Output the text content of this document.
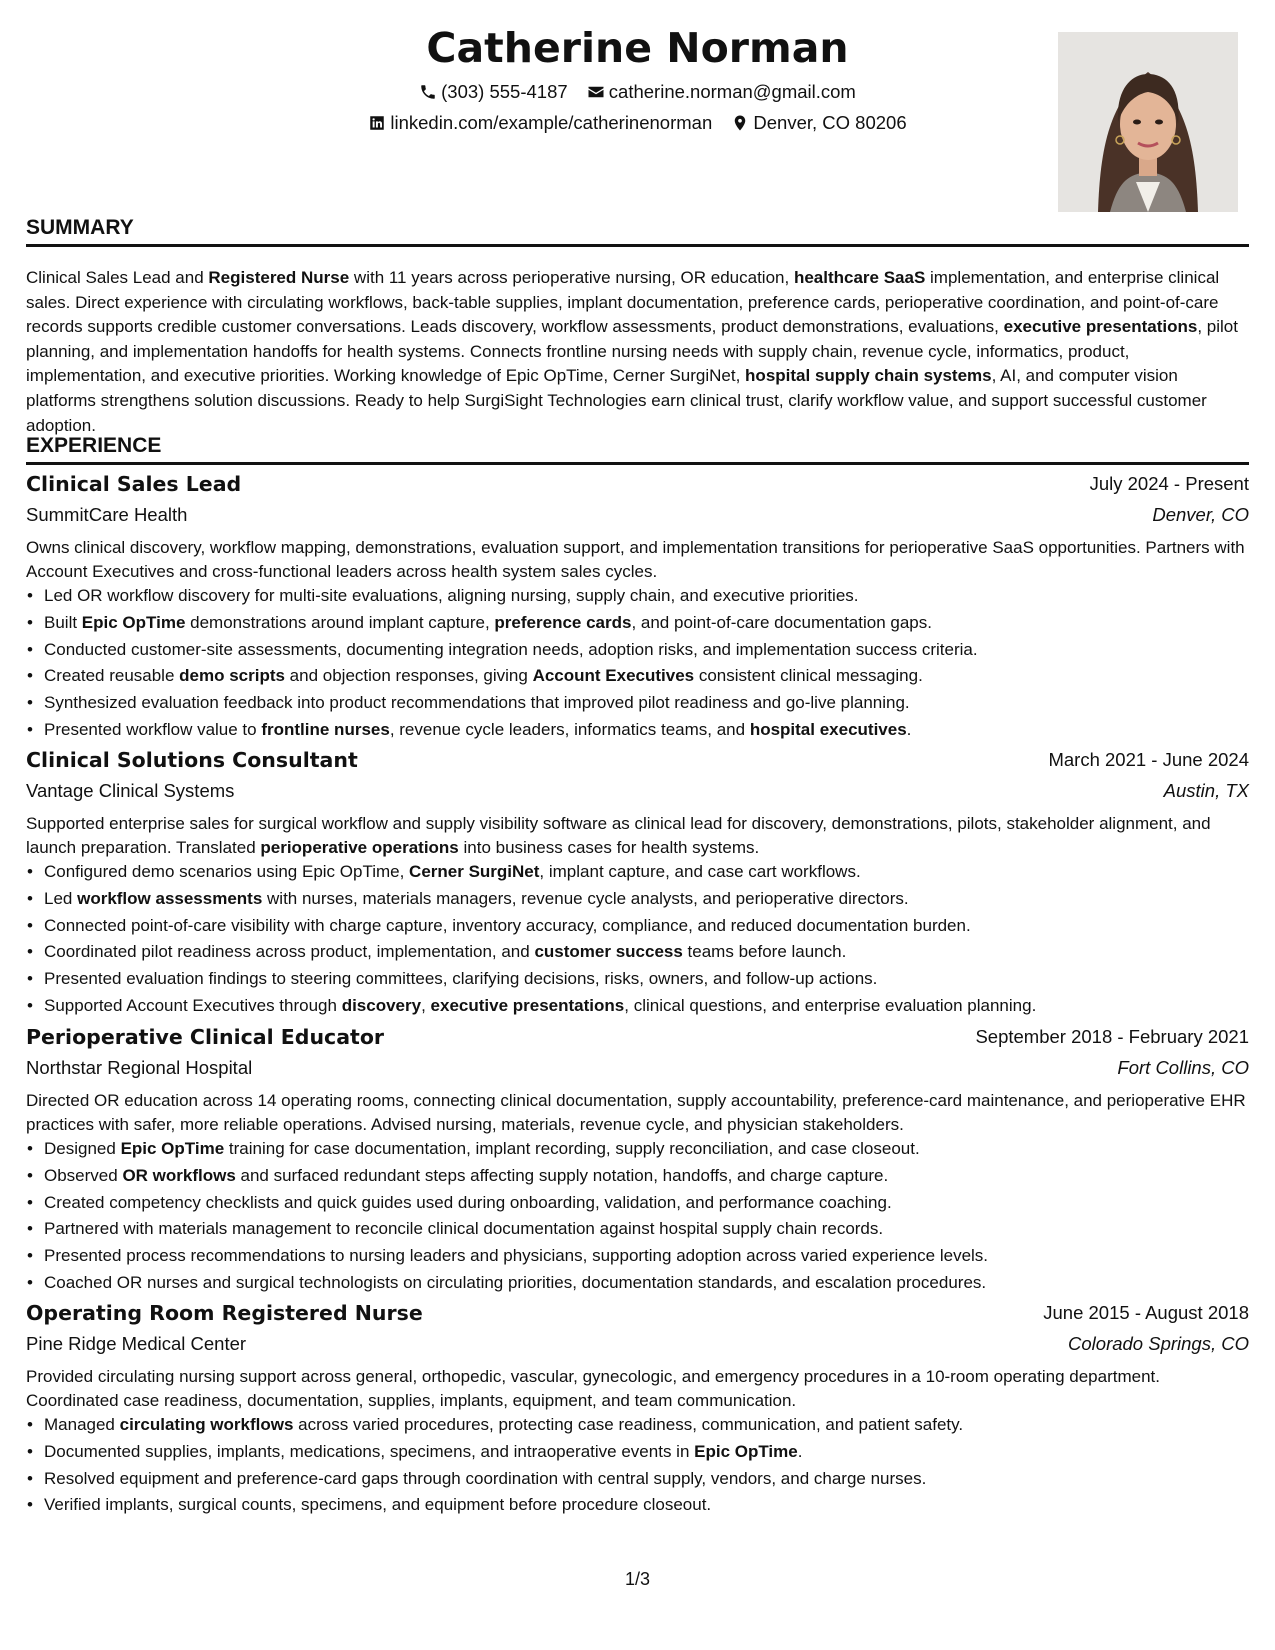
Catherine Norman
(303) 555-4187
catherine.norman@gmail.com
linkedin.com/example/catherinenorman
Denver, CO 80206
SUMMARY
Clinical Sales Lead and Registered Nurse with 11 years across perioperative nursing, OR education, healthcare SaaS implementation, and enterprise clinical sales. Direct experience with circulating workflows, back-table supplies, implant documentation, preference cards, perioperative coordination, and point-of-care records supports credible customer conversations. Leads discovery, workflow assessments, product demonstrations, evaluations, executive presentations, pilot planning, and implementation handoffs for health systems. Connects frontline nursing needs with supply chain, revenue cycle, informatics, product, implementation, and executive priorities. Working knowledge of Epic OpTime, Cerner SurgiNet, hospital supply chain systems, AI, and computer vision platforms strengthens solution discussions. Ready to help SurgiSight Technologies earn clinical trust, clarify workflow value, and support successful customer adoption.
EXPERIENCE
Clinical Sales Lead	July 2024 - Present
SummitCare Health	Denver, CO
Owns clinical discovery, workflow mapping, demonstrations, evaluation support, and implementation transitions for perioperative SaaS opportunities. Partners with Account Executives and cross-functional leaders across health system sales cycles.
• Led OR workflow discovery for multi-site evaluations, aligning nursing, supply chain, and executive priorities.
• Built Epic OpTime demonstrations around implant capture, preference cards, and point-of-care documentation gaps.
• Conducted customer-site assessments, documenting integration needs, adoption risks, and implementation success criteria.
• Created reusable demo scripts and objection responses, giving Account Executives consistent clinical messaging.
• Synthesized evaluation feedback into product recommendations that improved pilot readiness and go-live planning.
• Presented workflow value to frontline nurses, revenue cycle leaders, informatics teams, and hospital executives.
Clinical Solutions Consultant	March 2021 - June 2024
Vantage Clinical Systems	Austin, TX
Supported enterprise sales for surgical workflow and supply visibility software as clinical lead for discovery, demonstrations, pilots, stakeholder alignment, and launch preparation. Translated perioperative operations into business cases for health systems.
• Configured demo scenarios using Epic OpTime, Cerner SurgiNet, implant capture, and case cart workflows.
• Led workflow assessments with nurses, materials managers, revenue cycle analysts, and perioperative directors.
• Connected point-of-care visibility with charge capture, inventory accuracy, compliance, and reduced documentation burden.
• Coordinated pilot readiness across product, implementation, and customer success teams before launch.
• Presented evaluation findings to steering committees, clarifying decisions, risks, owners, and follow-up actions.
• Supported Account Executives through discovery, executive presentations, clinical questions, and enterprise evaluation planning.
Perioperative Clinical Educator	September 2018 - February 2021
Northstar Regional Hospital	Fort Collins, CO
Directed OR education across 14 operating rooms, connecting clinical documentation, supply accountability, preference-card maintenance, and perioperative EHR practices with safer, more reliable operations. Advised nursing, materials, revenue cycle, and physician stakeholders.
• Designed Epic OpTime training for case documentation, implant recording, supply reconciliation, and case closeout.
• Observed OR workflows and surfaced redundant steps affecting supply notation, handoffs, and charge capture.
• Created competency checklists and quick guides used during onboarding, validation, and performance coaching.
• Partnered with materials management to reconcile clinical documentation against hospital supply chain records.
• Presented process recommendations to nursing leaders and physicians, supporting adoption across varied experience levels.
• Coached OR nurses and surgical technologists on circulating priorities, documentation standards, and escalation procedures.
Operating Room Registered Nurse	June 2015 - August 2018
Pine Ridge Medical Center	Colorado Springs, CO
Provided circulating nursing support across general, orthopedic, vascular, gynecologic, and emergency procedures in a 10-room operating department. Coordinated case readiness, documentation, supplies, implants, equipment, and team communication.
• Managed circulating workflows across varied procedures, protecting case readiness, communication, and patient safety.
• Documented supplies, implants, medications, specimens, and intraoperative events in Epic OpTime.
• Resolved equipment and preference-card gaps through coordination with central supply, vendors, and charge nurses.
• Verified implants, surgical counts, specimens, and equipment before procedure closeout.
1/3
